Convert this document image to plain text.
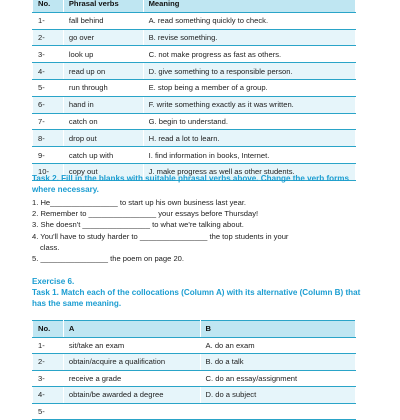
No.	Phrasal verbs	Meaning
1-	fall behind	A. read something quickly to check.
2-	go over	B. revise something.
3-	look up	C. not make progress as fast as others.
4-	read up on	D. give something to a responsible person.
5-	run through	E. stop being a member of a group.
6-	hand in	F. write something exactly as it was written.
7-	catch on	G. begin to understand.
8-	drop out	H. read a lot to learn.
9-	catch up with	I. find information in books, Internet.
10-	copy out	J. make progress as well as other students.

Task 2. Fill in the blanks with suitable phrasal verbs above. Change the verb forms where necessary.

1. He________________ to start up his own business last year.
2. Remember to ________________ your essays before Thursday!
3. She doesn't ________________ to what we're talking about.
4. You'll have to study harder to ________________ the top students in your
class.
5. ________________ the poem on page 20.

Exercise 6.

Task 1. Match each of the collocations (Column A) with its alternative (Column B) that has the same meaning.

No.	A	B
1-	sit/take an exam	A. do an exam
2-	obtain/acquire a qualification	B. do a talk
3-	receive a grade	C. do an essay/assignment
4-	obtain/be awarded a degree	D. do a subject
5-		
